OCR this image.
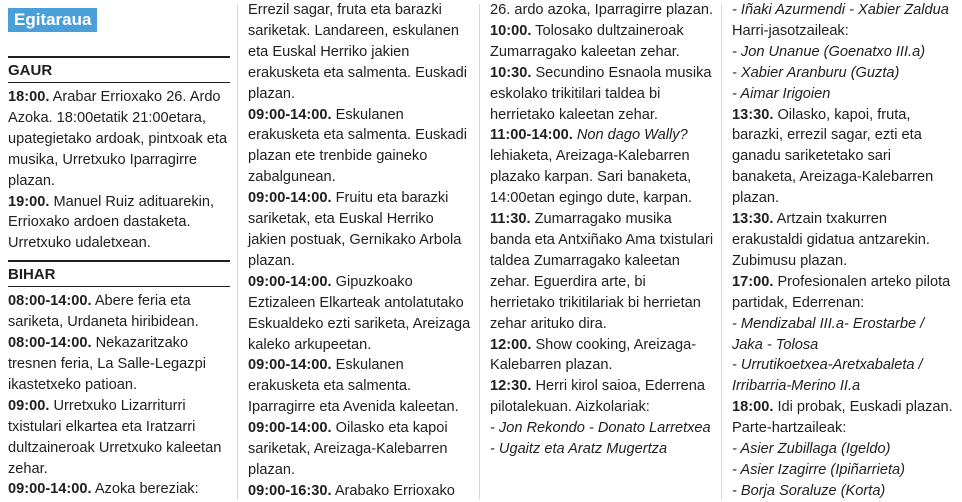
Egitaraua
GAUR

18:00. Arabar Errioxako 26. Ardo Azoka. 18:00etatik 21:00etara, upategietako ardoak, pintxoak eta musika, Urretxuko Iparragirre plazan.

19:00. Manuel Ruiz adituarekin, Errioxako ardoen dastaketa. Urretxuko udaletxean.

BIHAR

08:00-14:00. Abere feria eta sariketa, Urdaneta hiribidean.

08:00-14:00. Nekazaritzako tresnen feria, La Salle-Legazpi ikastetxeko patioan.

09:00. Urretxuko Lizarriturri txistulari elkartea eta Iratzarri dultzaineroak Urretxuko kaleetan zehar.

09:00-14:00. Azoka bereziak:

Errezil sagar, fruta eta barazki sariketak. Landareen, eskulanen eta Euskal Herriko jakien erakusketa eta salmenta. Euskadi plazan.

09:00-14:00. Eskulanen erakusketa eta salmenta. Euskadi plazan ete trenbide gaineko zabalgunean.

09:00-14:00. Fruitu eta barazki sariketak, eta Euskal Herriko jakien postuak, Gernikako Arbola plazan.

09:00-14:00. Gipuzkoako Eztizaleen Elkarteak antolatutako Eskualdeko ezti sariketa, Areizaga kaleko arkupeetan.

09:00-14:00. Eskulanen erakusketa eta salmenta. Iparragirre eta Avenida kaleetan.

09:00-14:00. Oilasko eta kapoi sariketak, Areizaga-Kalebarren plazan.

09:00-16:30. Arabako Errioxako

26. ardo azoka, Iparragirre plazan.

10:00. Tolosako dultzaineroak Zumarragako kaleetan zehar.

10:30. Secundino Esnaola musika eskolako trikitilari taldea bi herrietako kaleetan zehar.

11:00-14:00. Non dago Wally? lehiaketa, Areizaga-Kalebarren plazako karpan. Sari banaketa, 14:00etan egingo dute, karpan.

11:30. Zumarragako musika banda eta Antxiñako Ama txistulari taldea Zumarragako kaleetan zehar. Eguerdira arte, bi herrietako trikitilariak bi herrietan zehar arituko dira.

12:00. Show cooking, Areizaga-Kalebarren plazan.

12:30. Herri kirol saioa, Ederrena pilotalekuan. Aizkolariak:

- Jon Rekondo - Donato Larretxea

- Ugaitz eta Aratz Mugertza

- Iñaki Azurmendi - Xabier Zaldua

Harri-jasotzaileak:

- Jon Unanue (Goenatxo III.a)

- Xabier Aranburu (Guzta)

- Aimar Irigoien

13:30. Oilasko, kapoi, fruta, barazki, errezil sagar, ezti eta ganadu sariketetako sari banaketa, Areizaga-Kalebarren plazan.

13:30. Artzain txakurren erakustaldi gidatua antzarekin. Zubimusu plazan.

17:00. Profesionalen arteko pilota partidak, Ederrenan:

- Mendizabal III.a- Erostarbe / Jaka - Tolosa

- Urrutikoetxea-Aretxabaleta / Irribarria-Merino II.a

18:00. Idi probak, Euskadi plazan. Parte-hartzaileak:

- Asier Zubillaga (Igeldo)

- Asier Izagirre (Ipiñarrieta)

- Borja Soraluze (Korta)
